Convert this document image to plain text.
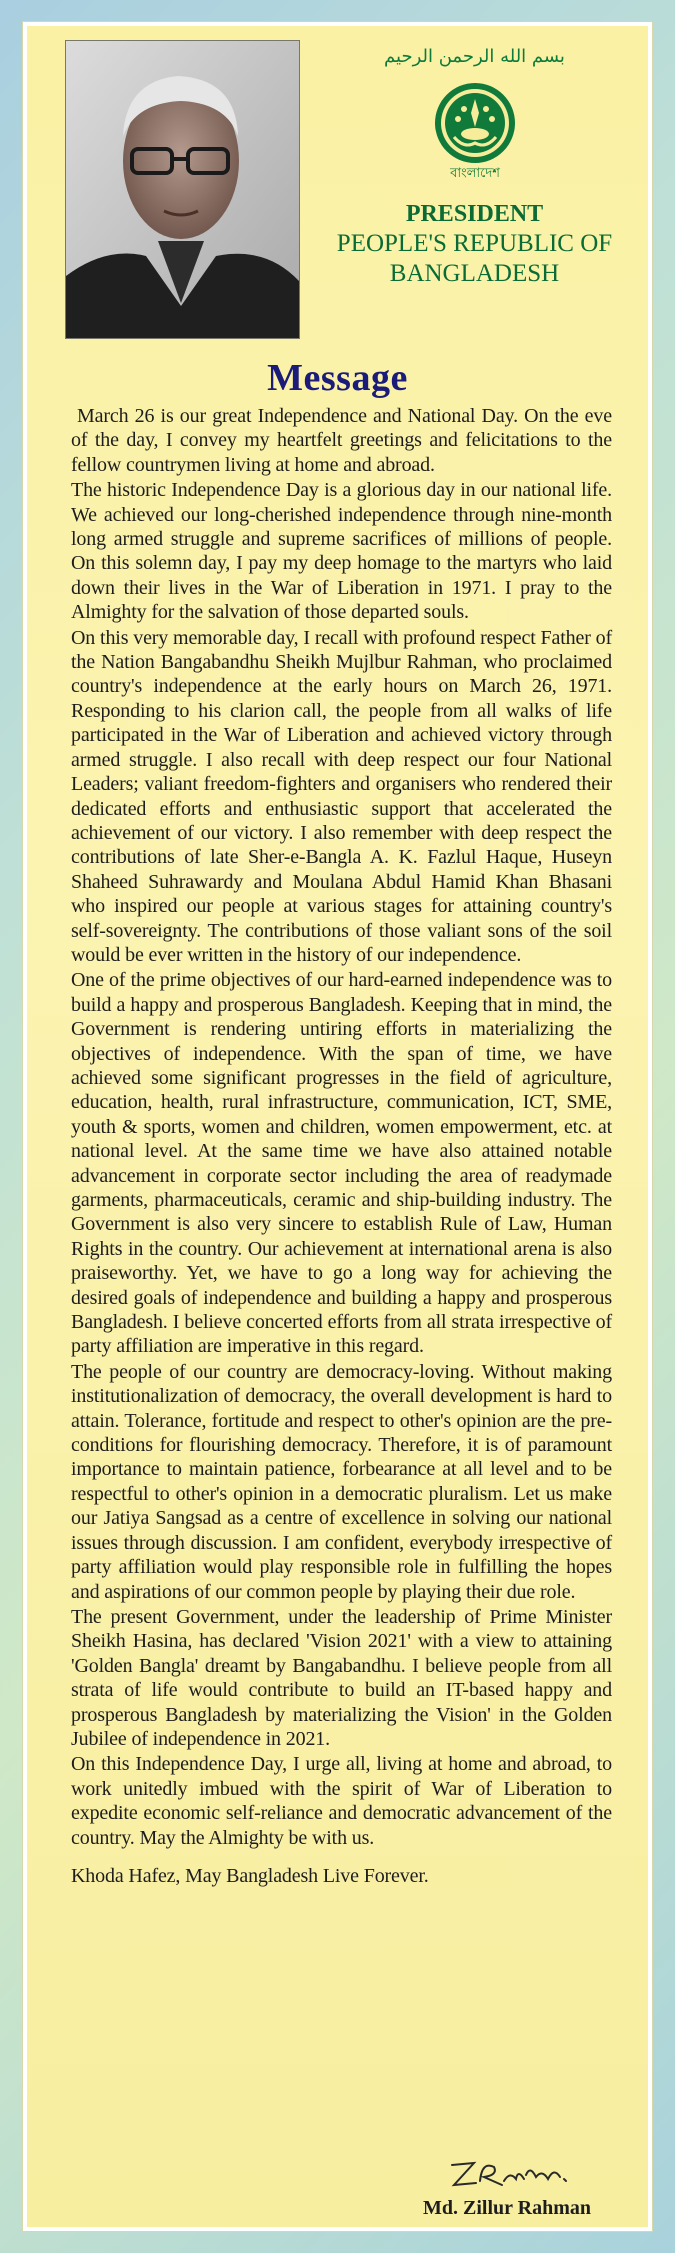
بسم الله الرحمن الرحيم
বাংলাদেশ
PRESIDENT
PEOPLE'S REPUBLIC OF
BANGLADESH
Message

March 26 is our great Independence and National Day. On the eve of the day, I convey my heartfelt greetings and felicitations to the fellow countrymen living at home and abroad.

The historic Independence Day is a glorious day in our national life. We achieved our long-cherished independence through nine-month long armed struggle and supreme sacrifices of millions of people. On this solemn day, I pay my deep homage to the martyrs who laid down their lives in the War of Liberation in 1971. I pray to the Almighty for the salvation of those departed souls.

On this very memorable day, I recall with profound respect Father of the Nation Bangabandhu Sheikh Mujlbur Rahman, who proclaimed country's independence at the early hours on March 26, 1971. Responding to his clarion call, the people from all walks of life participated in the War of Liberation and achieved victory through armed struggle. I also recall with deep respect our four National Leaders; valiant freedom-fighters and organisers who rendered their dedicated efforts and enthusiastic support that accelerated the achievement of our victory. I also remember with deep respect the contributions of late Sher-e-Bangla A. K. Fazlul Haque, Huseyn Shaheed Suhrawardy and Moulana Abdul Hamid Khan Bhasani who inspired our people at various stages for attaining country's self-sovereignty. The contributions of those valiant sons of the soil would be ever written in the history of our independence.

One of the prime objectives of our hard-earned independence was to build a happy and prosperous Bangladesh. Keeping that in mind, the Government is rendering untiring efforts in materializing the objectives of independence. With the span of time, we have achieved some significant progresses in the field of agriculture, education, health, rural infrastructure, communication, ICT, SME, youth & sports, women and children, women empowerment, etc. at national level. At the same time we have also attained notable advancement in corporate sector including the area of readymade garments, pharmaceuticals, ceramic and ship-building industry. The Government is also very sincere to establish Rule of Law, Human Rights in the country. Our achievement at international arena is also praiseworthy. Yet, we have to go a long way for achieving the desired goals of independence and building a happy and prosperous Bangladesh. I believe concerted efforts from all strata irrespective of party affiliation are imperative in this regard.

The people of our country are democracy-loving. Without making institutionalization of democracy, the overall development is hard to attain. Tolerance, fortitude and respect to other's opinion are the pre-conditions for flourishing democracy. Therefore, it is of paramount importance to maintain patience, forbearance at all level and to be respectful to other's opinion in a democratic pluralism. Let us make our Jatiya Sangsad as a centre of excellence in solving our national issues through discussion. I am confident, everybody irrespective of party affiliation would play responsible role in fulfilling the hopes and aspirations of our common people by playing their due role.

The present Government, under the leadership of Prime Minister Sheikh Hasina, has declared 'Vision 2021' with a view to attaining 'Golden Bangla' dreamt by Bangabandhu. I believe people from all strata of life would contribute to build an IT-based happy and prosperous Bangladesh by materializing the Vision' in the Golden Jubilee of independence in 2021.

On this Independence Day, I urge all, living at home and abroad, to work unitedly imbued with the spirit of War of Liberation to expedite economic self-reliance and democratic advancement of the country. May the Almighty be with us.

Khoda Hafez, May Bangladesh Live Forever.

Md. Zillur Rahman
